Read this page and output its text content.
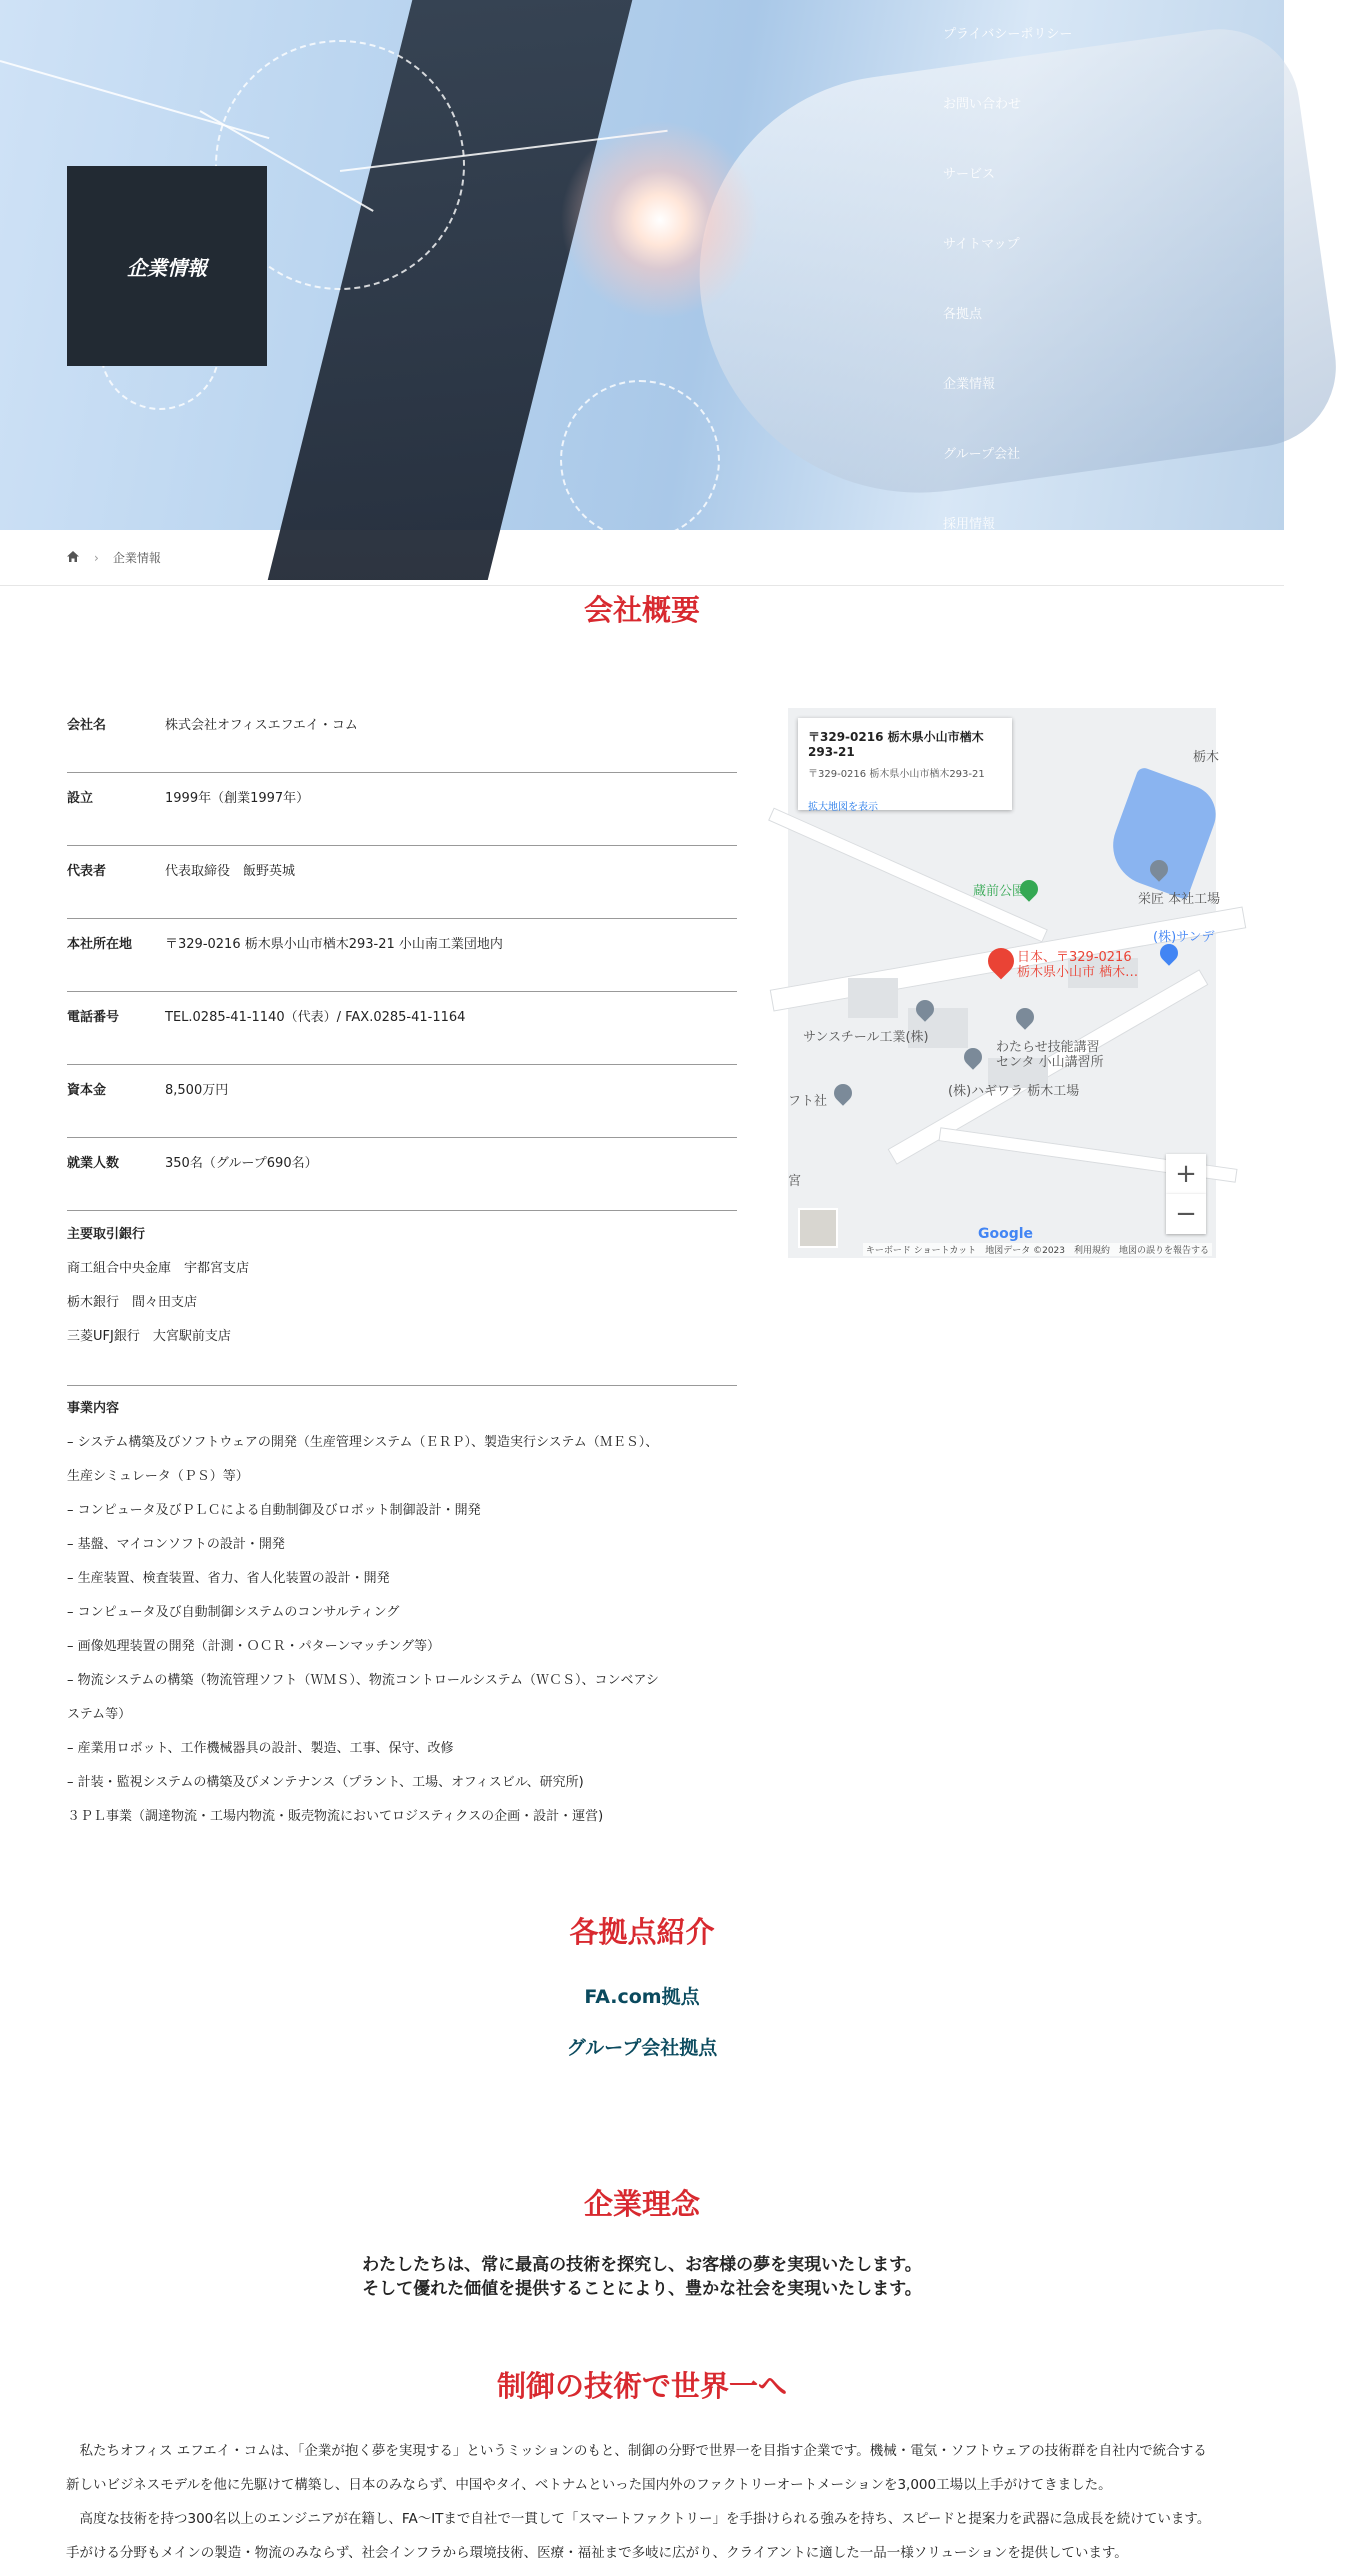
企業情報
プライバシーポリシー
お問い合わせ
サービス
サイトマップ
各拠点
企業情報
グループ会社
採用情報
› 企業情報
会社概要
会社名	株式会社オフィスエフエイ・コム
設立	1999年（創業1997年）
代表者	代表取締役　飯野英城
本社所在地	〒329-0216 栃木県小山市楢木293-21 小山南工業団地内
電話番号	TEL.0285-41-1140（代表）/ FAX.0285-41-1164
資本金	8,500万円
就業人数	350名（グループ690名）
主要取引銀行
商工組合中央金庫　宇都宮支店
栃木銀行　間々田支店
三菱UFJ銀行　大宮駅前支店
事業内容
– システム構築及びソフトウェアの開発（生産管理システム（ＥＲＰ）、製造実行システム（ＭＥＳ）、
生産シミュレータ（ＰＳ）等）
– コンピュータ及びＰＬＣによる自動制御及びロボット制御設計・開発
– 基盤、マイコンソフトの設計・開発
– 生産装置、検査装置、省力、省人化装置の設計・開発
– コンピュータ及び自動制御システムのコンサルティング
– 画像処理装置の開発（計測・ＯＣＲ・パターンマッチング等）
– 物流システムの構築（物流管理ソフト（ＷＭＳ）、物流コントロールシステム（ＷＣＳ）、コンベアシ
ステム等）
– 産業用ロボット、工作機械器具の設計、製造、工事、保守、改修
– 計装・監視システムの構築及びメンテナンス（プラント、工場、オフィスビル、研究所)
３ＰＬ事業（調達物流・工場内物流・販売物流においてロジスティクスの企画・設計・運営)
〒329-0216 栃木県小山市楢木293-21
〒329-0216 栃木県小山市楢木293-21
拡大地図を表示
蔵前公園
栄匠 本社工場
栃木
(株)サンデ
サンスチール工業(株)
わたらせ技能講習
センタ 小山講習所
(株)ハギワラ 栃木工場
フト社
宮
日本、〒329-0216
栃木県小山市 楢木…
+
−
Google
キーボード ショートカット　地図データ ©2023　利用規約　地図の誤りを報告する
各拠点紹介
FA.com拠点
グループ会社拠点
企業理念
わたしたちは、常に最高の技術を探究し、お客様の夢を実現いたします。
そして優れた価値を提供することにより、豊かな社会を実現いたします。
制御の技術で世界一へ

　私たちオフィス エフエイ・コムは、「企業が抱く夢を実現する」というミッションのもと、制御の分野で世界一を目指す企業です。機械・電気・ソフトウェアの技術群を自社内で統合する新しいビジネスモデルを他に先駆けて構築し、日本のみならず、中国やタイ、ベトナムといった国内外のファクトリーオートメーションを3,000工場以上手がけてきました。

　高度な技術を持つ300名以上のエンジニアが在籍し、FA〜ITまで自社で一貫して「スマートファクトリー」を手掛けられる強みを持ち、スピードと提案力を武器に急成長を続けています。手がける分野もメインの製造・物流のみならず、社会インフラから環境技術、医療・福祉まで多岐に広がり、クライアントに適した一品一様ソリューションを提供しています。
